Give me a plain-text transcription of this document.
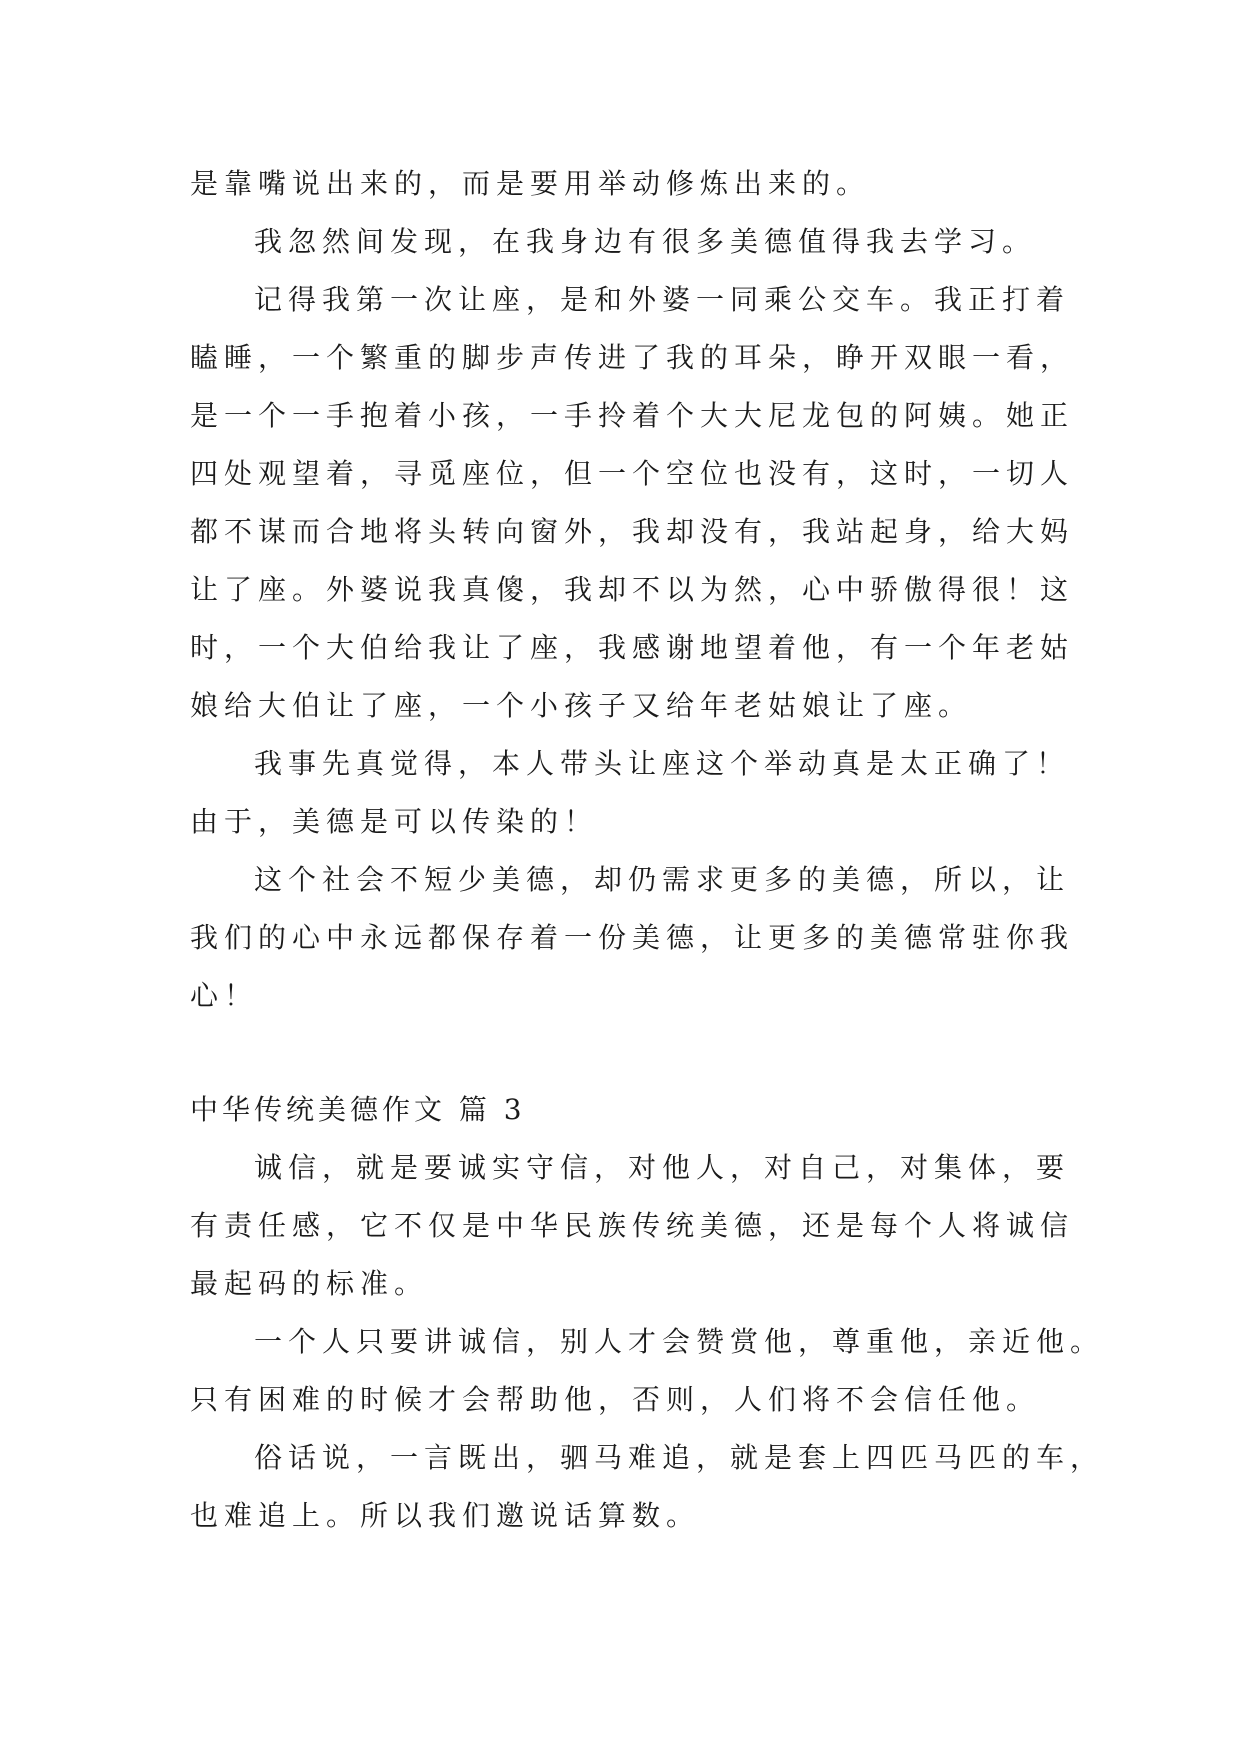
是靠嘴说出来的，而是要用举动修炼出来的。
我忽然间发现，在我身边有很多美德值得我去学习。
记得我第一次让座，是和外婆一同乘公交车。我正打着
瞌睡，一个繁重的脚步声传进了我的耳朵，睁开双眼一看，
是一个一手抱着小孩，一手拎着个大大尼龙包的阿姨。她正
四处观望着，寻觅座位，但一个空位也没有，这时，一切人
都不谋而合地将头转向窗外，我却没有，我站起身，给大妈
让了座。外婆说我真傻，我却不以为然，心中骄傲得很！这
时，一个大伯给我让了座，我感谢地望着他，有一个年老姑
娘给大伯让了座，一个小孩子又给年老姑娘让了座。
我事先真觉得，本人带头让座这个举动真是太正确了！
由于，美德是可以传染的！
这个社会不短少美德，却仍需求更多的美德，所以，让
我们的心中永远都保存着一份美德，让更多的美德常驻你我
心！
中华传统美德作文 篇 3
诚信，就是要诚实守信，对他人，对自己，对集体，要
有责任感，它不仅是中华民族传统美德，还是每个人将诚信
最起码的标准。
一个人只要讲诚信，别人才会赞赏他，尊重他，亲近他。
只有困难的时候才会帮助他，否则，人们将不会信任他。
俗话说，一言既出，驷马难追，就是套上四匹马匹的车，
也难追上。所以我们邀说话算数。
